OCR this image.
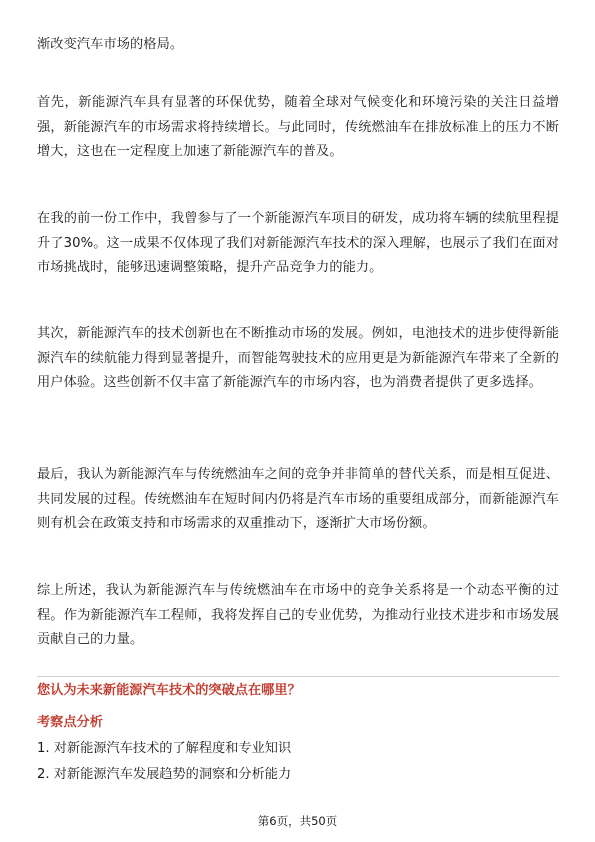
渐改变汽车市场的格局。

首先，新能源汽车具有显著的环保优势，随着全球对气候变化和环境污染的关注日益增强，新能源汽车的市场需求将持续增长。与此同时，传统燃油车在排放标准上的压力不断增大，这也在一定程度上加速了新能源汽车的普及。

在我的前一份工作中，我曾参与了一个新能源汽车项目的研发，成功将车辆的续航里程提升了30%。这一成果不仅体现了我们对新能源汽车技术的深入理解，也展示了我们在面对市场挑战时，能够迅速调整策略，提升产品竞争力的能力。

其次，新能源汽车的技术创新也在不断推动市场的发展。例如，电池技术的进步使得新能源汽车的续航能力得到显著提升，而智能驾驶技术的应用更是为新能源汽车带来了全新的用户体验。这些创新不仅丰富了新能源汽车的市场内容，也为消费者提供了更多选择。

最后，我认为新能源汽车与传统燃油车之间的竞争并非简单的替代关系，而是相互促进、共同发展的过程。传统燃油车在短时间内仍将是汽车市场的重要组成部分，而新能源汽车则有机会在政策支持和市场需求的双重推动下，逐渐扩大市场份额。

综上所述，我认为新能源汽车与传统燃油车在市场中的竞争关系将是一个动态平衡的过程。作为新能源汽车工程师，我将发挥自己的专业优势，为推动行业技术进步和市场发展贡献自己的力量。

您认为未来新能源汽车技术的突破点在哪里？

考察点分析

1. 对新能源汽车技术的了解程度和专业知识

2. 对新能源汽车发展趋势的洞察和分析能力

第6页，共50页
